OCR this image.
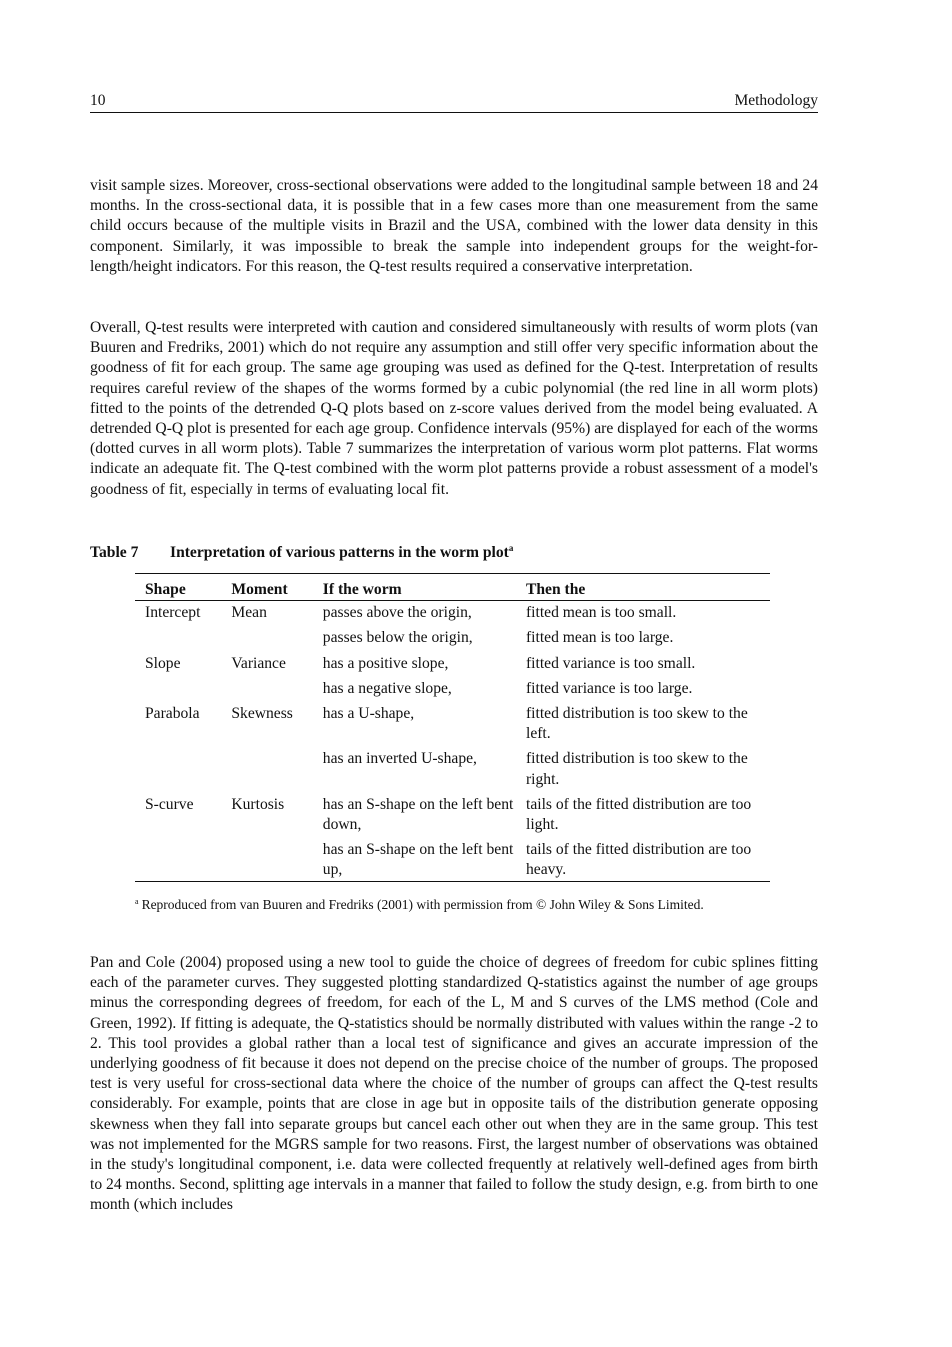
10	Methodology

visit sample sizes. Moreover, cross-sectional observations were added to the longitudinal sample between 18 and 24 months. In the cross-sectional data, it is possible that in a few cases more than one measurement from the same child occurs because of the multiple visits in Brazil and the USA, combined with the lower data density in this component. Similarly, it was impossible to break the sample into independent groups for the weight-for-length/height indicators. For this reason, the Q-test results required a conservative interpretation.

Overall, Q-test results were interpreted with caution and considered simultaneously with results of worm plots (van Buuren and Fredriks, 2001) which do not require any assumption and still offer very specific information about the goodness of fit for each group. The same age grouping was used as defined for the Q-test. Interpretation of results requires careful review of the shapes of the worms formed by a cubic polynomial (the red line in all worm plots) fitted to the points of the detrended Q-Q plots based on z-score values derived from the model being evaluated. A detrended Q-Q plot is presented for each age group. Confidence intervals (95%) are displayed for each of the worms (dotted curves in all worm plots). Table 7 summarizes the interpretation of various worm plot patterns. Flat worms indicate an adequate fit. The Q-test combined with the worm plot patterns provide a robust assessment of a model's goodness of fit, especially in terms of evaluating local fit.

Table 7 Interpretation of various patterns in the worm plot$^a$
Shape	Moment	If the worm	Then the
Intercept	Mean	passes above the origin,	fitted mean is too small.
		passes below the origin,	fitted mean is too large.
Slope	Variance	has a positive slope,	fitted variance is too small.
		has a negative slope,	fitted variance is too large.
Parabola	Skewness	has a U-shape,	fitted distribution is too skew to the left.
		has an inverted U-shape,	fitted distribution is too skew to the right.
S-curve	Kurtosis	has an S-shape on the left bent down,	tails of the fitted distribution are too light.
		has an S-shape on the left bent up,	tails of the fitted distribution are too heavy.
$^a$ Reproduced from van Buuren and Fredriks (2001) with permission from © John Wiley & Sons Limited.

Pan and Cole (2004) proposed using a new tool to guide the choice of degrees of freedom for cubic splines fitting each of the parameter curves. They suggested plotting standardized Q-statistics against the number of age groups minus the corresponding degrees of freedom, for each of the L, M and S curves of the LMS method (Cole and Green, 1992). If fitting is adequate, the Q-statistics should be normally distributed with values within the range -2 to 2. This tool provides a global rather than a local test of significance and gives an accurate impression of the underlying goodness of fit because it does not depend on the precise choice of the number of groups. The proposed test is very useful for cross-sectional data where the choice of the number of groups can affect the Q-test results considerably. For example, points that are close in age but in opposite tails of the distribution generate opposing skewness when they fall into separate groups but cancel each other out when they are in the same group. This test was not implemented for the MGRS sample for two reasons. First, the largest number of observations was obtained in the study's longitudinal component, i.e. data were collected frequently at relatively well-defined ages from birth to 24 months. Second, splitting age intervals in a manner that failed to follow the study design, e.g. from birth to one month (which includes
